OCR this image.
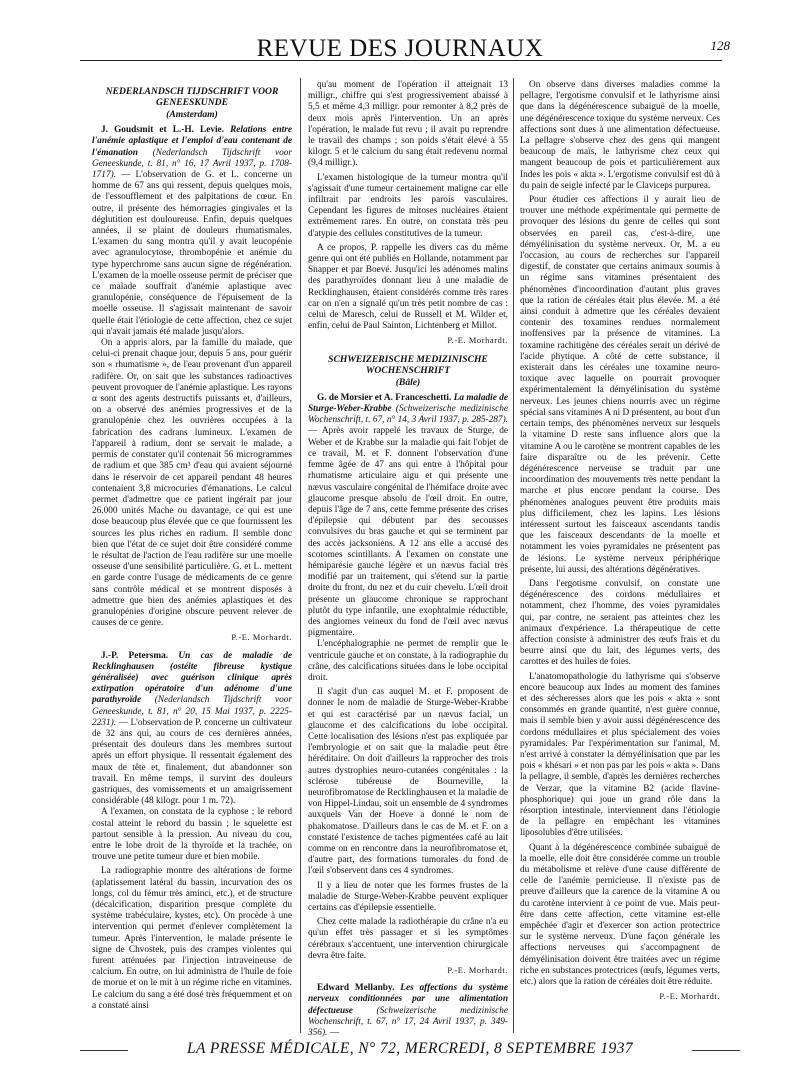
REVUE DES JOURNAUX	128
NEDERLANDSCH TIJDSCHRIFT VOOR GENEESKUNDE
(Amsterdam)

J. Goudsmit et L.-H. Levie. Relations entre l'anémie aplastique et l'emploi d'eau contenant de l'émanation (Nederlandsch Tijdschrift voor Geneeskunde, t. 81, n° 16, 17 Avril 1937, p. 1708-1717). — L'observation de G. et L. concerne un homme de 67 ans qui ressent, depuis quelques mois, de l'essoufflement et des palpitations de cœur. En outre, il présente des hémorragies gingivales et la déglutition est douloureuse. Enfin, depuis quelques années, il se plaint de douleurs rhumatismales. L'examen du sang montra qu'il y avait leucopénie avec agranulocytose, thrombopénie et anémie du type hyperchrome sans aucun signe de régénération. L'examen de la moelle osseuse permit de préciser que ce malade souffrait d'anémie aplastique avec granulopénie, conséquence de l'épuisement de la moelle osseuse. Il s'agissait maintenant de savoir quelle était l'étiologie de cette affection, chez ce sujet qui n'avait jamais été malade jusqu'alors.

On a appris alors, par la famille du malade, que celui-ci prenait chaque jour, depuis 5 ans, pour guérir son « rhumatisme », de l'eau provenant d'un appareil radifère. Or, on sait que les substances radioactives peuvent provoquer de l'anémie aplastique. Les rayons α sont des agents destructifs puissants et, d'ailleurs, on a observé des anémies progressives et de la granulopénie chez les ouvrières occupées à la fabrication des cadrans lumineux. L'examen de l'appareil à radium, dont se servait le malade, a permis de constater qu'il contenait 56 microgrammes de radium et que 385 cm³ d'eau qui avaient séjourné dans le réservoir de cet appareil pendant 48 heures contenaient 3,8 microcuries d'émanations. Le calcul permet d'admettre que ce patient ingérait par jour 26.000 unités Mache ou davantage, ce qui est une dose beaucoup plus élevée que ce que fournissent les sources les plus riches en radium. Il semble donc bien que l'état de ce sujet doit être considéré comme le résultat de l'action de l'eau radifère sur une moelle osseuse d'une sensibilité particulière. G. et L. mettent en garde contre l'usage de médicaments de ce genre sans contrôle médical et se montrent disposés à admettre que bien des anémies aplastiques et des granulopénies d'origine obscure peuvent relever de causes de ce genre.

P.-E. Morhardt.

J.-P. Petersma. Un cas de maladie de Recklinghausen (ostéite fibreuse kystique généralisée) avec guérison clinique après extirpation opératoire d'un adénome d'une parathyroïde (Nederlandsch Tijdschrift voor Geneeskunde, t. 81, n° 20, 15 Mai 1937, p. 2225-2231). — L'observation de P. concerne un cultivateur de 32 ans qui, au cours de ces dernières années, présentait des douleurs dans les membres surtout après un effort physique. Il ressentait également des maux de tête et, finalement, dut abandonner son travail. En même temps, il survint des douleurs gastriques, des vomissements et un amaigrissement considérable (48 kilogr. pour 1 m. 72).

A l'examen, on constata de la cyphose ; le rebord costal atteint le rebord du bassin ; le squelette est partout sensible à la pression. Au niveau du cou, entre le lobe droit de la thyroïde et la trachée, on trouve une petite tumeur dure et bien mobile.

La radiographie montre des altérations de forme (aplatissement latéral du bassin, incurvation des os longs, col du fémur très aminci, etc.), et de structure (décalcification, disparition presque complète du système trabéculaire, kystes, etc). On procède à une intervention qui permet d'enlever complètement la tumeur. Après l'intervention, le malade présente le signe de Chvostek, puis des crampes violentes qui furent atténuées par l'injection intraveineuse de calcium. En outre, on lui administra de l'huile de foie de morue et on le mit à un régime riche en vitamines. Le calcium du sang a été dosé très fréquemment et on a constaté ainsi

qu'au moment de l'opération il atteignait 13 milligr., chiffre qui s'est progressivement abaissé à 5,5 et même 4,3 milligr. pour remonter à 8,2 près de deux mois après l'intervention. Un an après l'opération, le malade fut revu ; il avait pu reprendre le travail des champs ; son poids s'était élevé à 55 kilogr. 5 et le calcium du sang était redevenu normal (9,4 milligr.).

L'examen histologique de la tumeur montra qu'il s'agissait d'une tumeur certainement maligne car elle infiltrait par endroits les parois vasculaires. Cependant les figures de mitoses nucléaires étaient extrêmement rares. En outre, on constata très peu d'atypie des cellules constitutives de la tumeur.

A ce propos, P. rappelle les divers cas du même genre qui ont été publiés en Hollande, notamment par Snapper et par Boevé. Jusqu'ici les adénomes malins des parathyroïdes donnant lieu à une maladie de Recklinghausen, étaient considérés comme très rares car on n'en a signalé qu'un très petit nombre de cas : celui de Maresch, celui de Russell et M. Wilder et, enfin, celui de Paul Sainton, Lichtenberg et Millot.

P.-E. Morhardt.
SCHWEIZERISCHE MEDIZINISCHE WOCHENSCHRIFT
(Bâle)

G. de Morsier et A. Franceschetti. La maladie de Sturge-Weber-Krabbe (Schweizerische medizinische Wochenschrift, t. 67, n° 14, 3 Avril 1937, p. 285-287). — Après avoir rappelé les travaux de Sturge, de Weber et de Krabbe sur la maladie qui fait l'objet de ce travail, M. et F. donnent l'observation d'une femme âgée de 47 ans qui entre à l'hôpital pour rhumatisme articulaire aigu et qui présente une nævus vasculaire congénital de l'hémiface droite avec glaucome presque absolu de l'œil droit. En outre, depuis l'âge de 7 ans, cette femme présente des crises d'épilepsie qui débutent par des secousses convulsives du bras gauche et qui se terminent par des accès jacksoniens. A 12 ans elle a accusé des scotomes scintillants. A l'examen on constate une hémiparésie gauche légère et un nævus facial très modifié par un traitement, qui s'étend sur la partie droite du front, du nez et du cuir chevelu. L'œil droit présente un glaucome chronique se rapprochant plutôt du type infantile, une exophtalmie réductible, des angiomes veineux du fond de l'œil avec nævus pigmentaire.

L'encéphalographie ne permet de remplir que le ventricule gauche et on constate, à la radiographie du crâne, des calcifications situées dans le lobe occipital droit.

Il s'agit d'un cas auquel M. et F. proposent de donner le nom de maladie de Sturge-Weber-Krabbe et qui est caractérisé par un nævus facial, un glaucome et des calcifications du lobe occipital. Cette localisation des lésions n'est pas expliquée par l'embryologie et on sait que la maladie peut être héréditaire. On doit d'ailleurs la rapprocher des trois autres dystrophies neuro-cutanées congénitales : la sclérose tubéreuse de Bourneville, la neurofibromatose de Recklinghausen et la maladie de von Hippel-Lindau, soit un ensemble de 4 syndromes auxquels Van der Hoeve a donné le nom de phakomatose. D'ailleurs dans le cas de M. et F. on a constaté l'existence de taches pigmentées café au lait comme on en rencontre dans la neurofibromatose et, d'autre part, des formations tumorales du fond de l'œil s'observent dans ces 4 syndromes.

Il y a lieu de noter que les formes frustes de la maladie de Sturge-Weber-Krabbe peuvent expliquer certains cas d'épilepsie essentielle.

Chez cette malade la radiothérapie du crâne n'a eu qu'un effet très passager et si les symptômes cérébraux s'accentuent, une intervention chirurgicale devra être faite.

P.-E. Morhardt.

Edward Mellanby. Les affections du système nerveux conditionnées par une alimentation défectueuse	(Schweizerische medizinische Wochenschrift, t. 67, n° 17, 24 Avril 1937, p. 349-356). —

On observe dans diverses maladies comme la pellagre, l'ergotisme convulsif et le lathyrisme ainsi que dans la dégénérescence subaiguë de la moelle, une dégénérescence toxique du système nerveux. Ces affections sont dues à une alimentation défectueuse. La pellagre s'observe chez des gens qui mangent beaucoup de maïs, le lathyrisme chez ceux qui mangent beaucoup de pois et particulièrement aux Indes les pois « akta ». L'ergotisme convulsif est dû à du pain de seigle infecté par le Claviceps purpurea.

Pour étudier ces affections il y aurait lieu de trouver une méthode expérimentale qui permette de provoquer des lésions du genre de celles qui sont observées en pareil cas, c'est-à-dire, une démyélinisation du système nerveux. Or, M. a eu l'occasion, au cours de recherches sur l'appareil digestif, de constater que certains animaux soumis à un régime sans vitamines présentaient des phénomènes d'incoordination d'autant plus graves que la ration de céréales était plus élevée. M. a été ainsi conduit à admettre que les céréales devaient contenir des toxamines rendues normalement inoffensives par la présence de vitamines. La toxamine rachitigène des céréales serait un dérivé de l'acide phytique. A côté de cette substance, il existerait dans les céréales une toxamine neuro-toxique avec laquelle on pourrait provoquer expérimentalement la démyélinisation du système nerveux. Les jeunes chiens nourris avec un régime spécial sans vitamines A ni D présentent, au bout d'un certain temps, des phénomènes nerveux sur lesquels la vitamine D reste sans influence alors que la vitamine A ou le carotène se montrent capables de les faire disparaître ou de les prévenir. Cette dégénérescence nerveuse se traduit par une incoordination des mouvements très nette pendant la marche et plus encore pendant la course. Des phénomènes analogues peuvent être produits mais plus difficilement, chez les lapins. Les lésions intéressent surtout les faisceaux ascendants tandis que les faisceaux descendants de la moelle et notamment les voies pyramidales ne présentent pas de lésions. Le système nerveux périphérique présente, lui aussi, des altérations dégénératives.

Dans l'ergotisme convulsif, on constate une dégénérescence des cordons médullaires et notamment, chez l'homme, des voies pyramidales qui, par contre, ne seraient pas atteintes chez les animaux d'expérience. La thérapeutique de cette affection consiste à administrer des œufs frais et du beurre ainsi que du lait, des légumes verts, des carottes et des huiles de foies.

L'anatomopathologie du lathyrisme qui s'observe encore beaucoup aux Indes au moment des famines et des sécheresses alors que les pois « akta » sont consommés en grande quantité, n'est guère connue, mais il semble bien y avoir aussi dégénérescence des cordons médullaires et plus spécialement des voies pyramidales. Par l'expérimentation sur l'animal, M. n'est arrivé à constater la démyélinisation que par les pois « khésari » et non pas par les pois « akta ». Dans la pellagre, il semble, d'après les dernières recherches de Verzar, que la vitamine B2 (acide flavine-phosphorique) qui joue un grand rôle dans la résorption intestinale, interviennent dans l'étiologie de la pellagre en empêchant les vitamines liposolubles d'être utilisées.

Quant à la dégénérescence combinée subaiguë de la moelle, elle doit être considérée comme un trouble du métabolisme et relève d'une cause différente de celle de l'anémie pernicieuse. Il n'existe pas de preuve d'ailleurs que la carence de la vitamine A ou du carotène intervient à ce point de vue. Mais peut-être dans cette affection, cette vitamine est-elle empêchée d'agir et d'exercer son action protectrice sur le système nerveux. D'une façon générale les affections nerveuses qui s'accompagnent de démyélinisation doivent être traitées avec un régime riche en substances protectrices (œufs, légumes verts, etc.) alors que la ration de céréales doit être réduite.

P.-E. Morhardt.
LA PRESSE MÉDICALE, N° 72, MERCREDI, 8 SEPTEMBRE 1937
